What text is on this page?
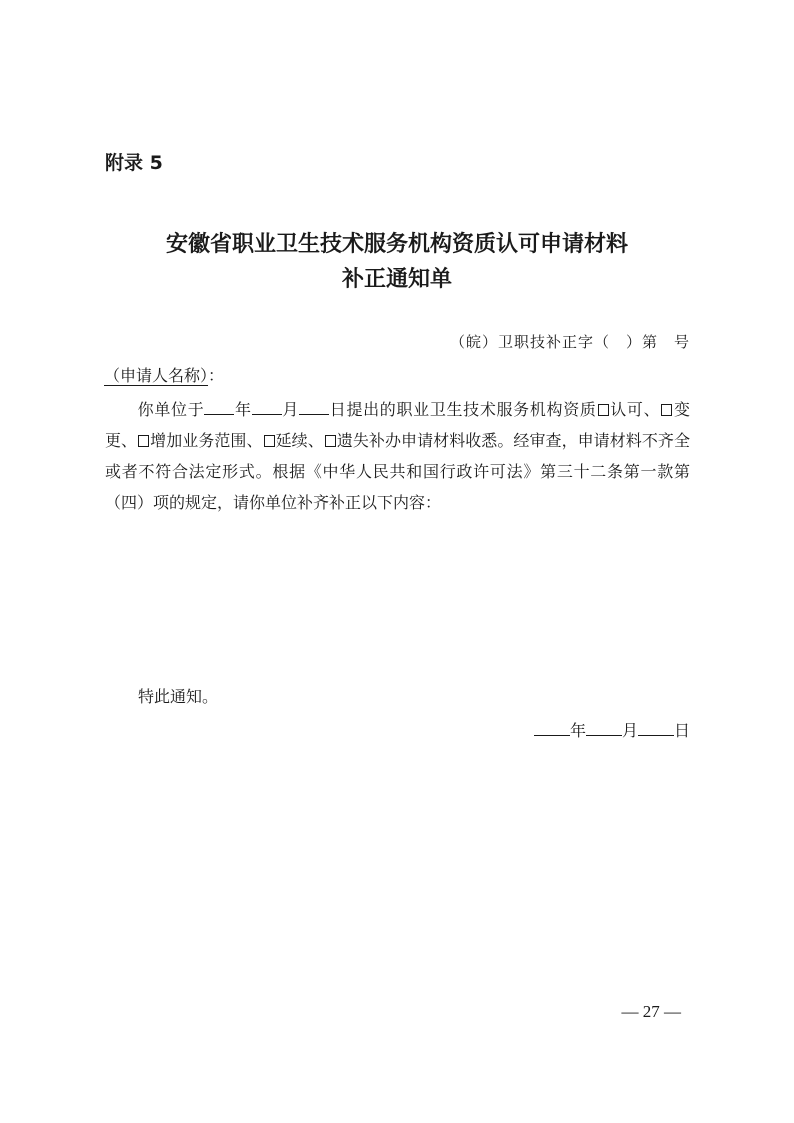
附录 5
安徽省职业卫生技术服务机构资质认可申请材料
补正通知单
（皖）卫职技补正字（　）第　号
（申请人名称）：
你单位于 年 月 日提出的职业卫生技术服务机构资质 认可、 变更、 增加业务范围、 延续、 遗失补办申请材料收悉。经审查，申请材料不齐全或者不符合法定形式。根据《中华人民共和国行政许可法》第三十二条第一款第（四）项的规定，请你单位补齐补正以下内容：
特此通知。
年 月 日
— 27 —
